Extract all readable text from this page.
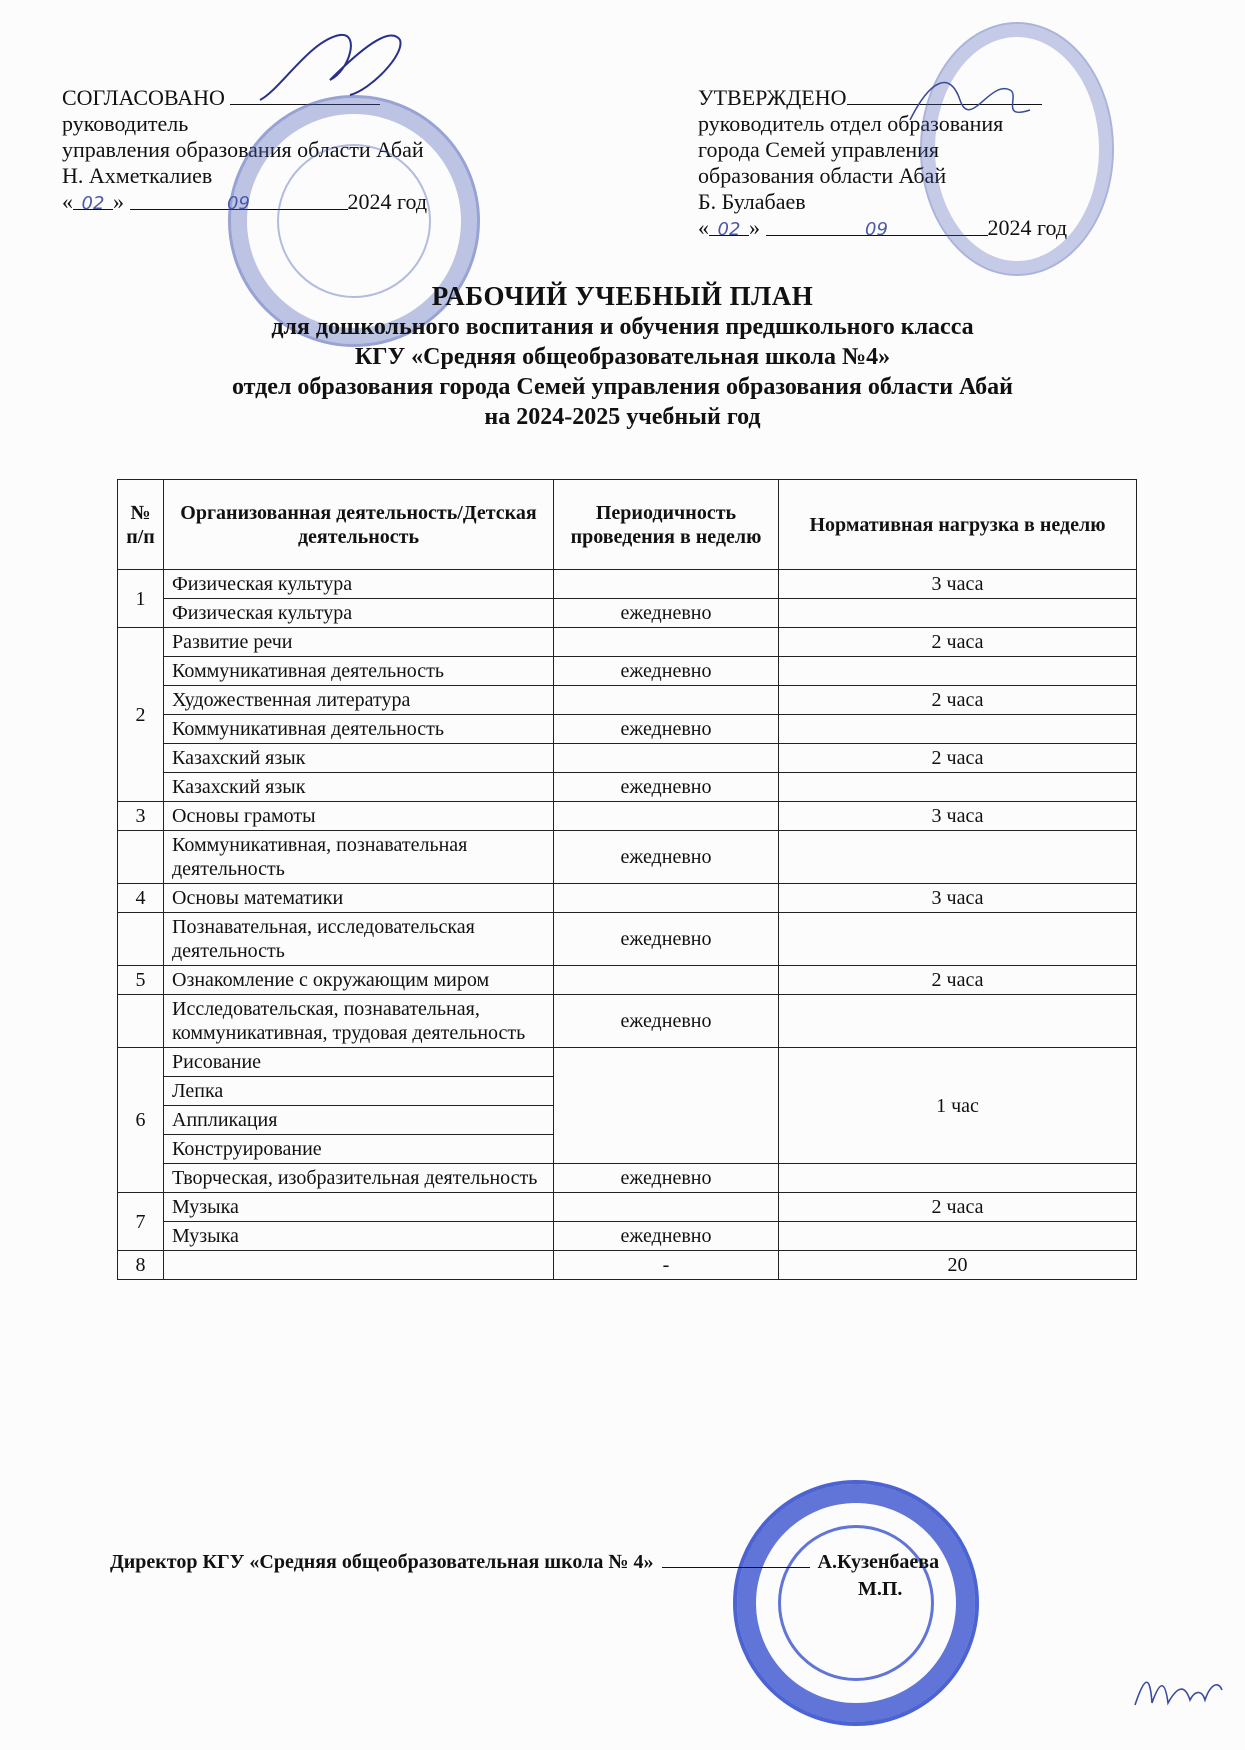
СОГЛАСОВАНО
руководитель
управления образования области Абай
Н. Ахметкалиев
« 02 »	09	2024 год
УТВЕРЖДЕНО
руководитель отдел образования
города Семей управления
образования области Абай
Б. Булабаев
« 02 »	09	2024 год
РАБОЧИЙ УЧЕБНЫЙ ПЛАН
для дошкольного воспитания и обучения предшкольного класса
КГУ «Средняя общеобразовательная школа №4»
отдел образования города Семей управления образования области Абай
на 2024-2025 учебный год
№ п/п	Организованная деятельность/Детская деятельность	Периодичность проведения в неделю	Нормативная нагрузка в неделю
1	Физическая культура		3 часа
	Физическая культура	ежедневно	
2	Развитие речи		2 часа
	Коммуникативная деятельность	ежедневно	
	Художественная литература		2 часа
	Коммуникативная деятельность	ежедневно	
	Казахский язык		2 часа
	Казахский язык	ежедневно	
3	Основы грамоты		3 часа
	Коммуникативная, познавательная деятельность	ежедневно	
4	Основы математики		3 часа
	Познавательная, исследовательская деятельность	ежедневно	
5	Ознакомление с окружающим миром		2 часа
	Исследовательская, познавательная, коммуникативная, трудовая деятельность	ежедневно	
6	Рисование		1 час
	Лепка		
	Аппликация		
	Конструирование		
	Творческая, изобразительная деятельность	ежедневно	
7	Музыка		2 часа
	Музыка	ежедневно	
8		-	20
Директор КГУ «Средняя общеобразовательная школа № 4»	А.Кузенбаева
М.П.
